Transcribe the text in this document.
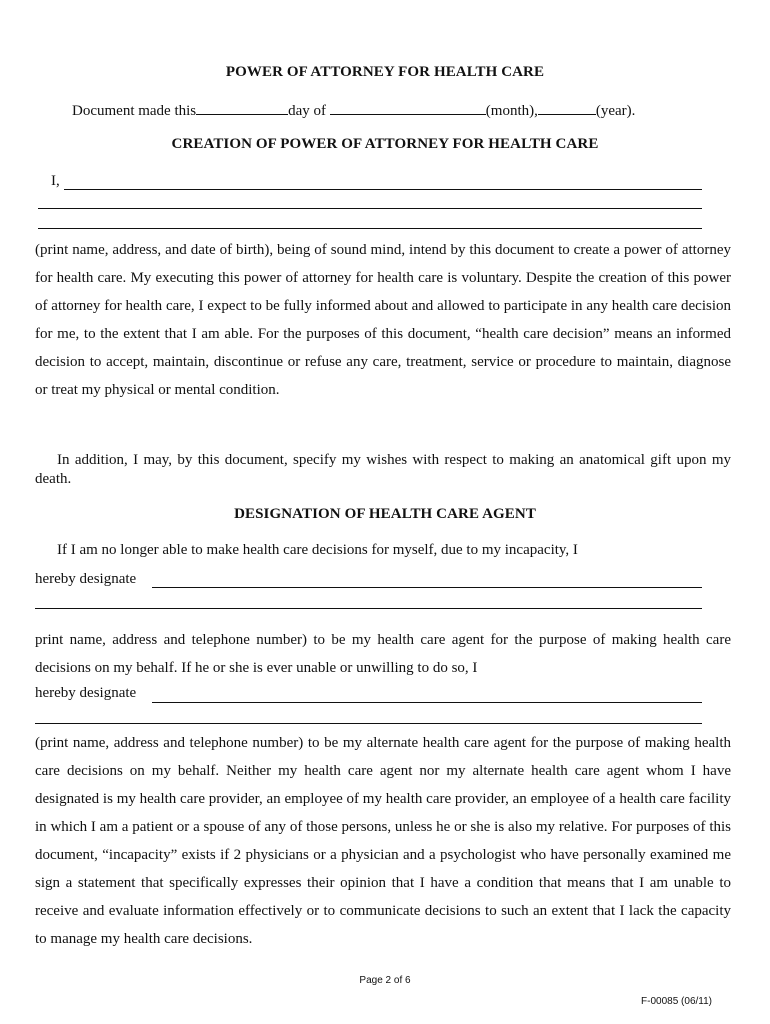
POWER OF ATTORNEY FOR HEALTH CARE
Document made this	day of	(month),	(year).
CREATION OF POWER OF ATTORNEY FOR HEALTH CARE
I,

(print name, address, and date of birth), being of sound mind, intend by this document to create a power of attorney for health care. My executing this power of attorney for health care is voluntary. Despite the creation of this power of attorney for health care, I expect to be fully informed about and allowed to participate in any health care decision for me, to the extent that I am able. For the purposes of this document, “health care decision” means an informed decision to accept, maintain, discontinue or refuse any care, treatment, service or procedure to maintain, diagnose or treat my physical or mental condition.

In addition, I may, by this document, specify my wishes with respect to making an anatomical gift upon my death.

DESIGNATION OF HEALTH CARE AGENT
If I am no longer able to make health care decisions for myself, due to my incapacity, I
hereby designate

print name, address and telephone number) to be my health care agent for the purpose of making health care decisions on my behalf. If he or she is ever unable or unwilling to do so, I

hereby designate

(print name, address and telephone number) to be my alternate health care agent for the purpose of making health care decisions on my behalf. Neither my health care agent nor my alternate health care agent whom I have designated is my health care provider, an employee of my health care provider, an employee of a health care facility in which I am a patient or a spouse of any of those persons, unless he or she is also my relative. For purposes of this document, “incapacity” exists if 2 physicians or a physician and a psychologist who have personally examined me sign a statement that specifically expresses their opinion that I have a condition that means that I am unable to receive and evaluate information effectively or to communicate decisions to such an extent that I lack the capacity to manage my health care decisions.

Page 2 of 6
F-00085 (06/11)
